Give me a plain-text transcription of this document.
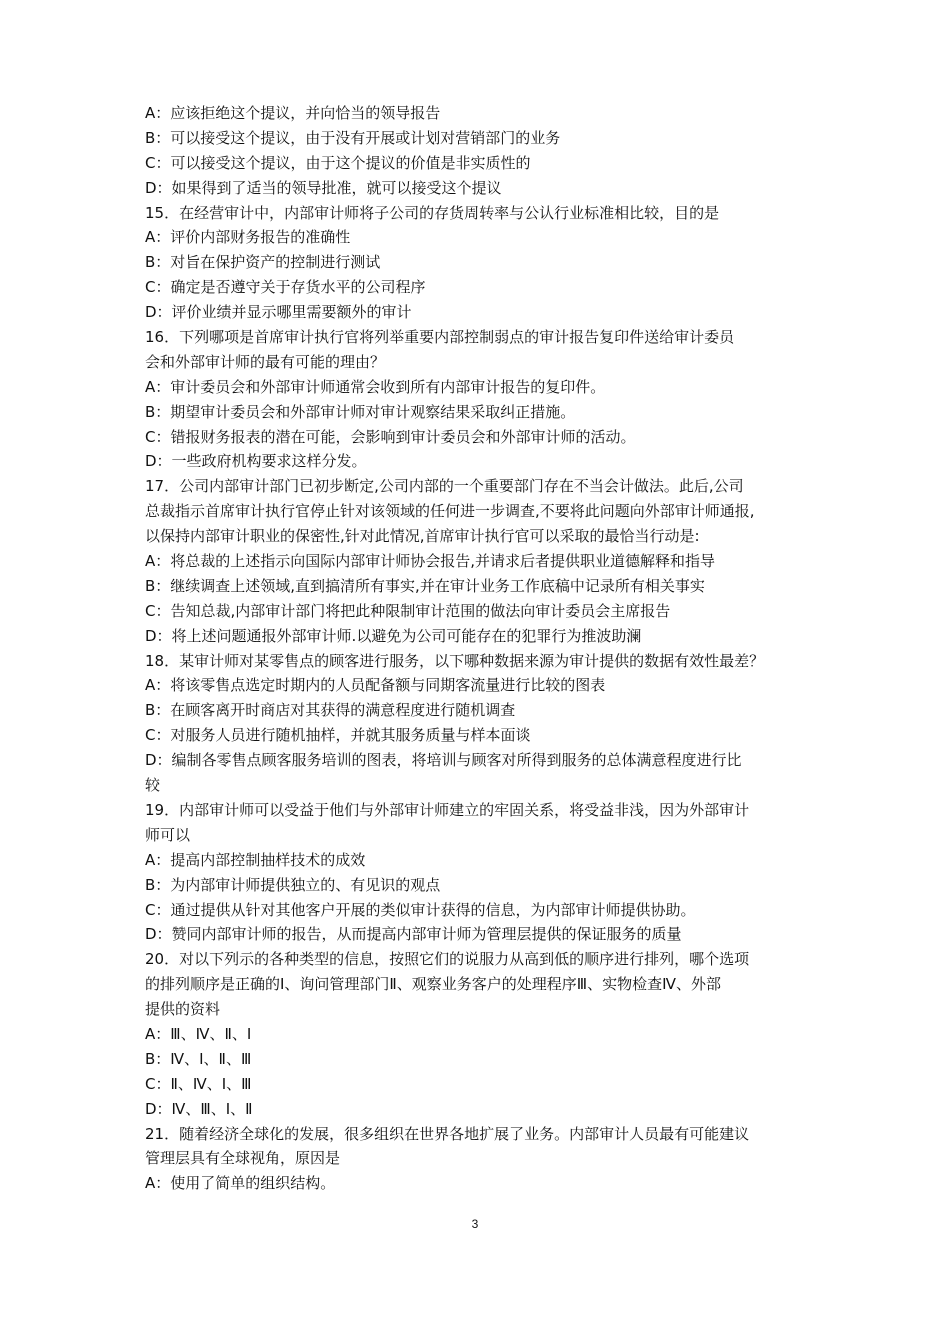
A：应该拒绝这个提议，并向恰当的领导报告

B：可以接受这个提议，由于没有开展或计划对营销部门的业务

C：可以接受这个提议，由于这个提议的价值是非实质性的

D：如果得到了适当的领导批准，就可以接受这个提议

15．在经营审计中，内部审计师将子公司的存货周转率与公认行业标准相比较，目的是

A：评价内部财务报告的准确性

B：对旨在保护资产的控制进行测试

C：确定是否遵守关于存货水平的公司程序

D：评价业绩并显示哪里需要额外的审计

16．下列哪项是首席审计执行官将列举重要内部控制弱点的审计报告复印件送给审计委员

会和外部审计师的最有可能的理由？

A：审计委员会和外部审计师通常会收到所有内部审计报告的复印件。

B：期望审计委员会和外部审计师对审计观察结果采取纠正措施。

C：错报财务报表的潜在可能，会影响到审计委员会和外部审计师的活动。

D：一些政府机构要求这样分发。

17．公司内部审计部门已初步断定,公司内部的一个重要部门存在不当会计做法。此后,公司

总裁指示首席审计执行官停止针对该领域的任何进一步调查,不要将此问题向外部审计师通报,

以保持内部审计职业的保密性,针对此情况,首席审计执行官可以采取的最恰当行动是:

A：将总裁的上述指示向国际内部审计师协会报告,并请求后者提供职业道德解释和指导

B：继续调查上述领域,直到搞清所有事实,并在审计业务工作底稿中记录所有相关事实

C：告知总裁,内部审计部门将把此种限制审计范围的做法向审计委员会主席报告

D：将上述问题通报外部审计师.以避免为公司可能存在的犯罪行为推波助澜

18．某审计师对某零售点的顾客进行服务，以下哪种数据来源为审计提供的数据有效性最差？

A：将该零售点选定时期内的人员配备额与同期客流量进行比较的图表

B：在顾客离开时商店对其获得的满意程度进行随机调查

C：对服务人员进行随机抽样，并就其服务质量与样本面谈

D：编制各零售点顾客服务培训的图表，将培训与顾客对所得到服务的总体满意程度进行比

较

19．内部审计师可以受益于他们与外部审计师建立的牢固关系，将受益非浅，因为外部审计

师可以

A：提高内部控制抽样技术的成效

B：为内部审计师提供独立的、有见识的观点

C：通过提供从针对其他客户开展的类似审计获得的信息，为内部审计师提供协助。

D：赞同内部审计师的报告，从而提高内部审计师为管理层提供的保证服务的质量

20．对以下列示的各种类型的信息，按照它们的说服力从高到低的顺序进行排列，哪个选项

的排列顺序是正确的Ⅰ、询问管理部门Ⅱ、观察业务客户的处理程序Ⅲ、实物检查Ⅳ、外部

提供的资料

A：Ⅲ、Ⅳ、Ⅱ、Ⅰ

B：Ⅳ、Ⅰ、Ⅱ、Ⅲ

C：Ⅱ、Ⅳ、Ⅰ、Ⅲ

D：Ⅳ、Ⅲ、Ⅰ、Ⅱ

21．随着经济全球化的发展，很多组织在世界各地扩展了业务。内部审计人员最有可能建议

管理层具有全球视角，原因是

A：使用了简单的组织结构。

3
